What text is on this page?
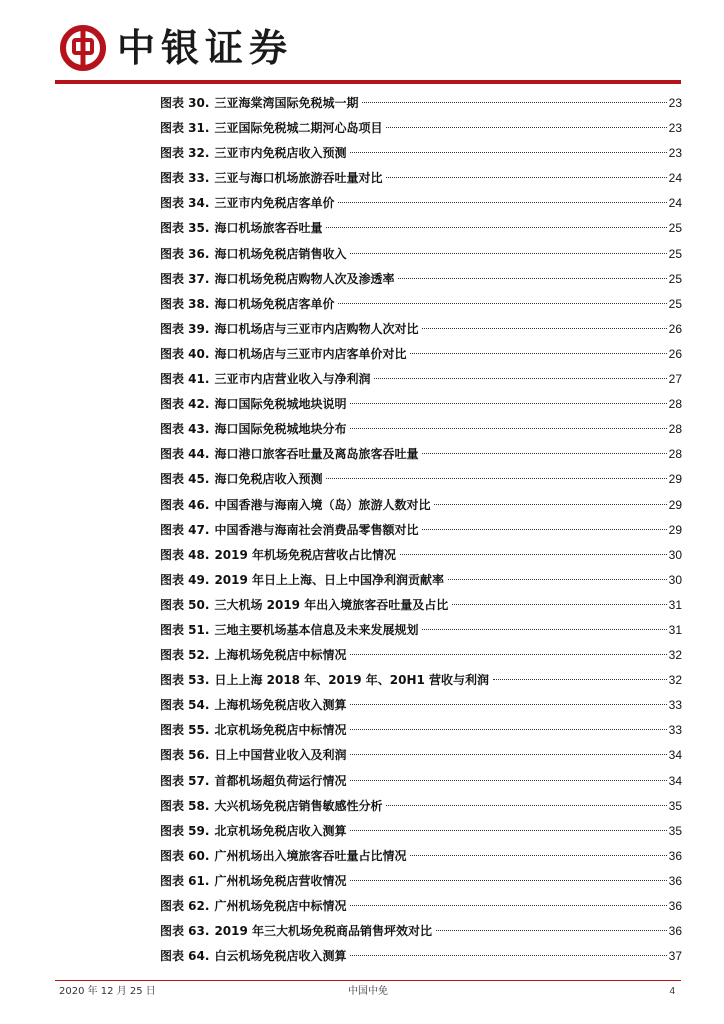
中银证券
图表 30. 三亚海棠湾国际免税城一期	23
图表 31. 三亚国际免税城二期河心岛项目	23
图表 32. 三亚市内免税店收入预测	23
图表 33. 三亚与海口机场旅游吞吐量对比	24
图表 34. 三亚市内免税店客单价	24
图表 35. 海口机场旅客吞吐量	25
图表 36. 海口机场免税店销售收入	25
图表 37. 海口机场免税店购物人次及渗透率	25
图表 38. 海口机场免税店客单价	25
图表 39. 海口机场店与三亚市内店购物人次对比	26
图表 40. 海口机场店与三亚市内店客单价对比	26
图表 41. 三亚市内店营业收入与净利润	27
图表 42. 海口国际免税城地块说明	28
图表 43. 海口国际免税城地块分布	28
图表 44. 海口港口旅客吞吐量及离岛旅客吞吐量	28
图表 45. 海口免税店收入预测	29
图表 46. 中国香港与海南入境（岛）旅游人数对比	29
图表 47. 中国香港与海南社会消费品零售额对比	29
图表 48. 2019 年机场免税店营收占比情况	30
图表 49. 2019 年日上上海、日上中国净利润贡献率	30
图表 50. 三大机场 2019 年出入境旅客吞吐量及占比	31
图表 51. 三地主要机场基本信息及未来发展规划	31
图表 52. 上海机场免税店中标情况	32
图表 53. 日上上海 2018 年、2019 年、20H1 营收与利润	32
图表 54. 上海机场免税店收入测算	33
图表 55. 北京机场免税店中标情况	33
图表 56. 日上中国营业收入及利润	34
图表 57. 首都机场超负荷运行情况	34
图表 58. 大兴机场免税店销售敏感性分析	35
图表 59. 北京机场免税店收入测算	35
图表 60. 广州机场出入境旅客吞吐量占比情况	36
图表 61. 广州机场免税店营收情况	36
图表 62. 广州机场免税店中标情况	36
图表 63. 2019 年三大机场免税商品销售坪效对比	36
图表 64. 白云机场免税店收入测算	37
2020 年 12 月 25 日	中国中免	4
